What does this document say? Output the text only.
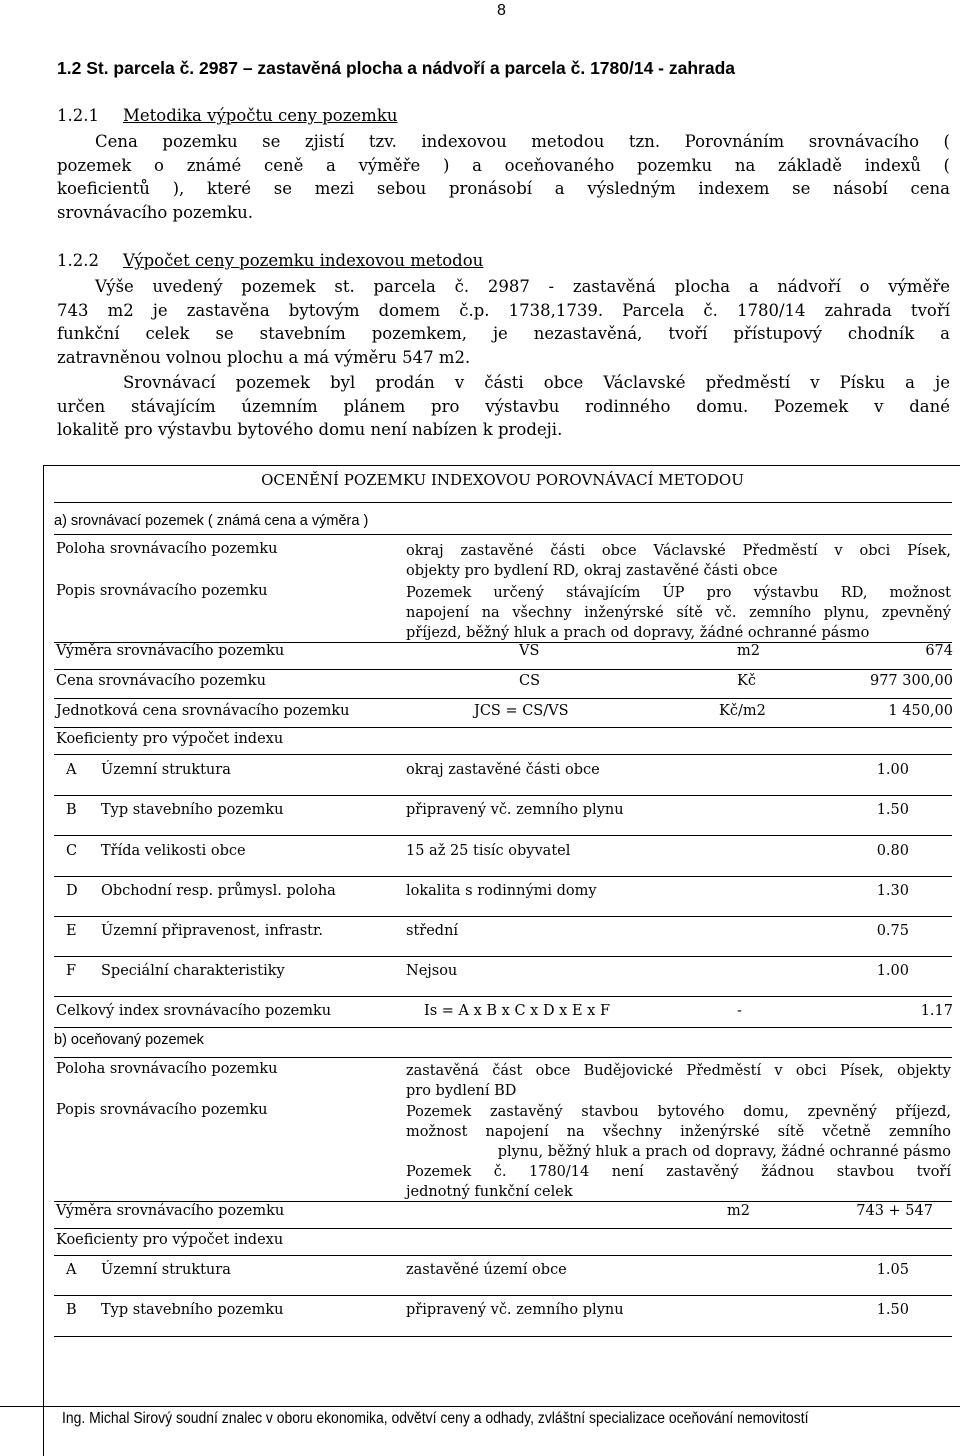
8
1.2 St. parcela č. 2987 – zastavěná plocha a nádvoří a parcela č. 1780/14 - zahrada
1.2.1 Metodika výpočtu ceny pozemku
Cena pozemku se zjistí tzv. indexovou metodou tzn. Porovnáním srovnávacího (
pozemek o známé ceně a výměře ) a oceňovaného pozemku na základě indexů (
koeficientů ), které se mezi sebou pronásobí a výsledným indexem se násobí cena
srovnávacího pozemku.
1.2.2 Výpočet ceny pozemku indexovou metodou
Výše uvedený pozemek st. parcela č. 2987 - zastavěná plocha a nádvoří o výměře
743 m2 je zastavěna bytovým domem č.p. 1738,1739. Parcela č. 1780/14 zahrada tvoří
funkční celek se stavebním pozemkem, je nezastavěná, tvoří přístupový chodník a
zatravněnou volnou plochu a má výměru 547 m2.
Srovnávací pozemek byl prodán v části obce Václavské předměstí v Písku a je
určen stávajícím územním plánem pro výstavbu rodinného domu. Pozemek v dané
lokalitě pro výstavbu bytového domu není nabízen k prodeji.
OCENĚNÍ POZEMKU INDEXOVOU POROVNÁVACÍ METODOU
a) srovnávací pozemek ( známá cena a výměra )
Poloha srovnávacího pozemku	okraj zastavěné části obce Václavské Předměstí v obci Písek,
objekty pro bydlení RD, okraj zastavěné části obce
Popis srovnávacího pozemku	Pozemek určený stávajícím ÚP pro výstavbu RD, možnost
napojení na všechny inženýrské sítě vč. zemního plynu, zpevněný
příjezd, běžný hluk a prach od dopravy, žádné ochranné pásmo
Výměra srovnávacího pozemku	VS	m2	674
Cena srovnávacího pozemku	CS	Kč	977 300,00
Jednotková cena srovnávacího pozemku	JCS = CS/VS	Kč/m2	1 450,00
Koeficienty pro výpočet indexu
A Územní struktura	okraj zastavěné části obce	1.00
B Typ stavebního pozemku	připravený vč. zemního plynu	1.50
C Třída velikosti obce	15 až 25 tisíc obyvatel	0.80
D Obchodní resp. průmysl. poloha	lokalita s rodinnými domy	1.30
E Územní připravenost, infrastr.	střední	0.75
F Speciální charakteristiky	Nejsou	1.00
Celkový index srovnávacího pozemku	Is = A x B x C x D x E x F	-	1.17
b) oceňovaný pozemek
Poloha srovnávacího pozemku	zastavěná část obce Budějovické Předměstí v obci Písek, objekty
pro bydlení BD
Popis srovnávacího pozemku	Pozemek zastavěný stavbou bytového domu, zpevněný příjezd,
možnost napojení na všechny inženýrské sítě včetně zemního
plynu, běžný hluk a prach od dopravy, žádné ochranné pásmo
Pozemek č. 1780/14 není zastavěný žádnou stavbou tvoří
jednotný funkční celek
Výměra srovnávacího pozemku	m2	743 + 547
Koeficienty pro výpočet indexu
A Územní struktura	zastavěné území obce	1.05
B Typ stavebního pozemku	připravený vč. zemního plynu	1.50
Ing. Michal Sirový soudní znalec v oboru ekonomika, odvětví ceny a odhady, zvláštní specializace oceňování nemovitostí
